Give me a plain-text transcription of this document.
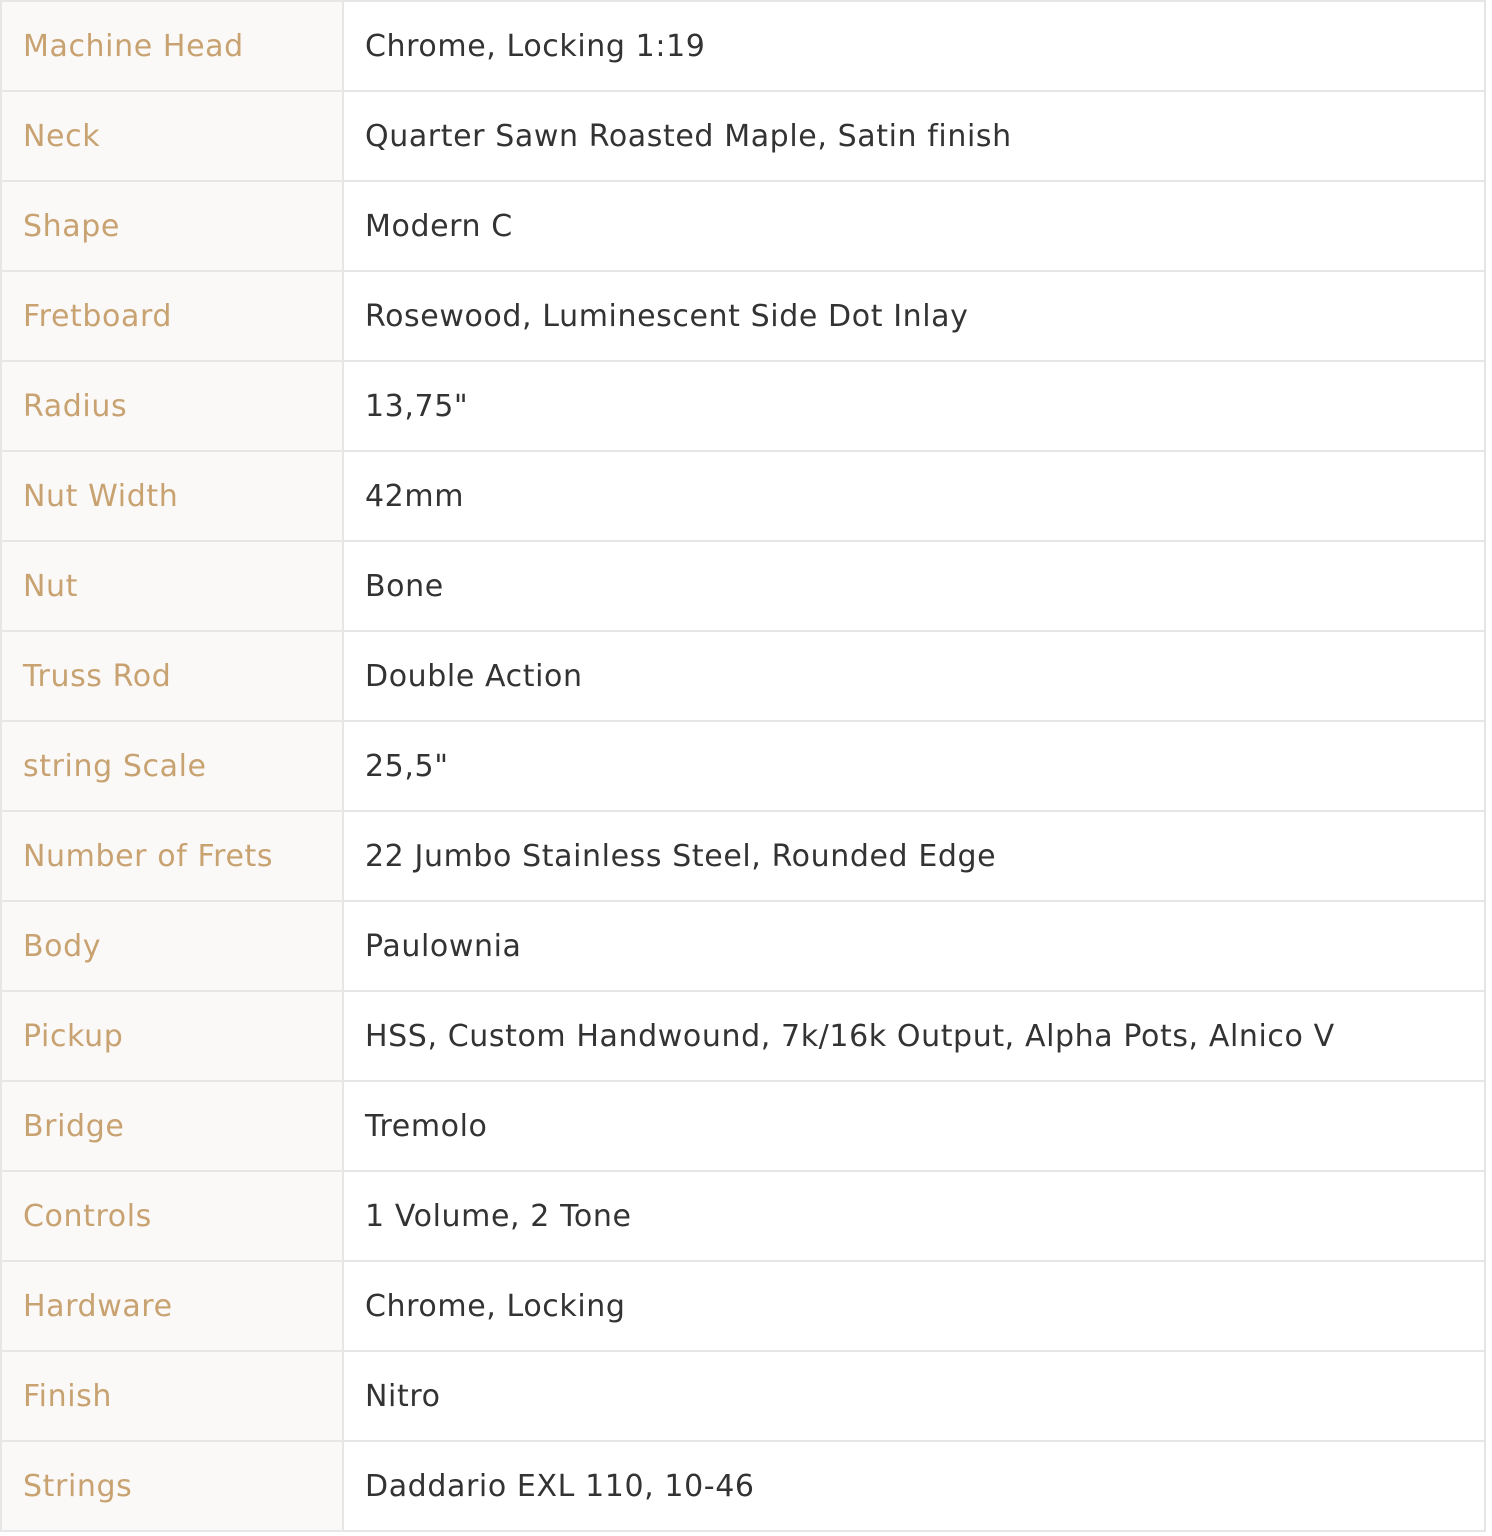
Machine Head	Chrome, Locking 1:19
Neck	Quarter Sawn Roasted Maple, Satin finish
Shape	Modern C
Fretboard	Rosewood, Luminescent Side Dot Inlay
Radius	13,75"
Nut Width	42mm
Nut	Bone
Truss Rod	Double Action
string Scale	25,5"
Number of Frets	22 Jumbo Stainless Steel, Rounded Edge
Body	Paulownia
Pickup	HSS, Custom Handwound, 7k/16k Output, Alpha Pots, Alnico V
Bridge	Tremolo
Controls	1 Volume, 2 Tone
Hardware	Chrome, Locking
Finish	Nitro
Strings	Daddario EXL 110, 10-46
